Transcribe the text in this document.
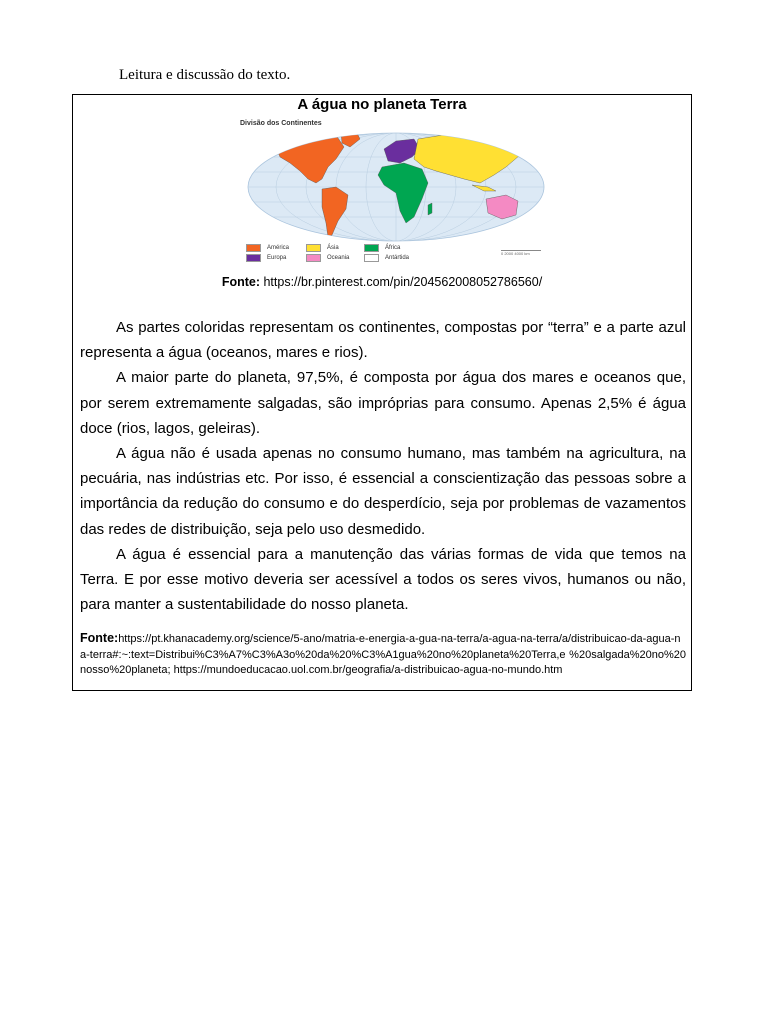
Leitura e discussão do texto.
A água no planeta Terra
Divisão dos Continentes
América
Europa
Ásia
Oceania
África
Antártida
0 2000 4000 km
Fonte: https://br.pinterest.com/pin/204562008052786560/

As partes coloridas representam os continentes, compostas por “terra” e a parte azul representa a água (oceanos, mares e rios).

A maior parte do planeta, 97,5%, é composta por água dos mares e oceanos que, por serem extremamente salgadas, são impróprias para consumo. Apenas 2,5% é água doce (rios, lagos, geleiras).

A água não é usada apenas no consumo humano, mas também na agricultura, na pecuária, nas indústrias etc. Por isso, é essencial a conscientização das pessoas sobre a importância da redução do consumo e do desperdício, seja por problemas de vazamentos das redes de distribuição, seja pelo uso desmedido.

A água é essencial para a manutenção das várias formas de vida que temos na Terra. E por esse motivo deveria ser acessível a todos os seres vivos, humanos ou não, para manter a sustentabilidade do nosso planeta.

Fonte:https://pt.khanacademy.org/science/5-ano/matria-e-energia-a-gua-na-terra/a-agua-na-terra/a/distribuicao-da-agua-na-terra#:~:text=Distribui%C3%A7%C3%A3o%20da%20%C3%A1gua%20no%20planeta%20Terra,e %20salgada%20no%20nosso%20planeta; https://mundoeducacao.uol.com.br/geografia/a-distribuicao-agua-no-mundo.htm
